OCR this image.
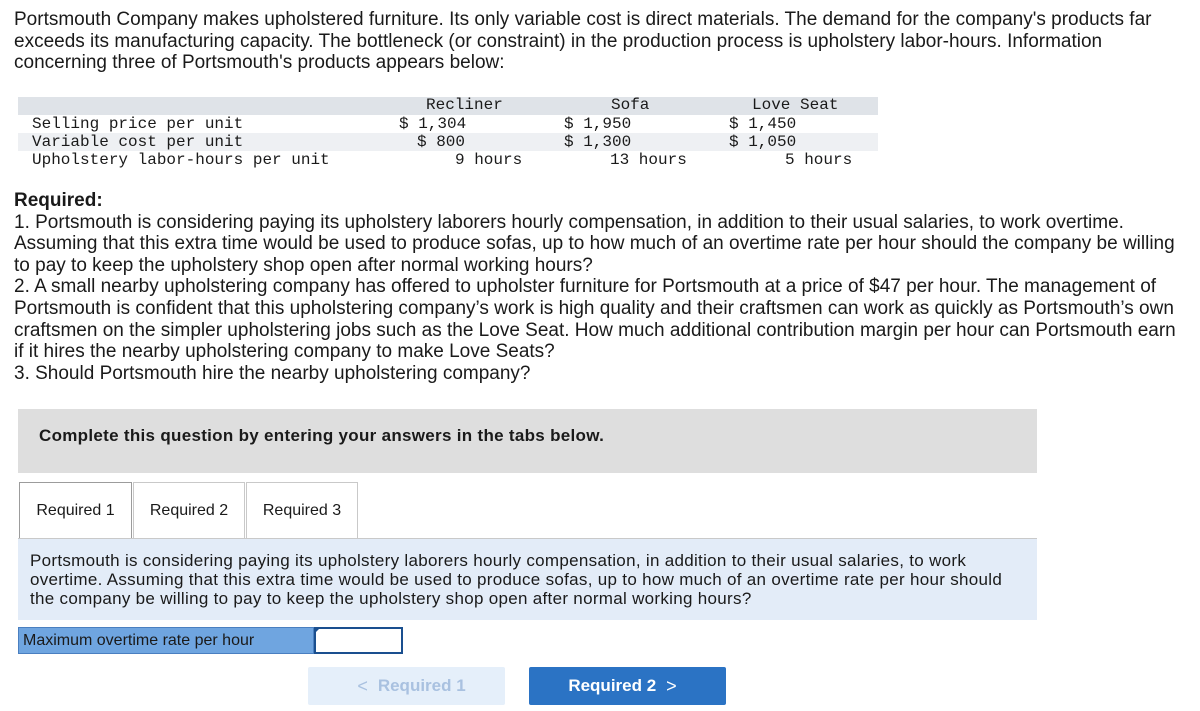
Portsmouth Company makes upholstered furniture. Its only variable cost is direct materials. The demand for the company's products far exceeds its manufacturing capacity. The bottleneck (or constraint) in the production process is upholstery labor-hours. Information concerning three of Portsmouth's products appears below:

Recliner	Sofa	Love Seat
Selling price per unit	$ 1,304	$ 1,950	$ 1,450
Variable cost per unit	$ 800	$ 1,300	$ 1,050
Upholstery labor-hours per unit	9 hours	13 hours	5 hours
Required:

1. Portsmouth is considering paying its upholstery laborers hourly compensation, in addition to their usual salaries, to work overtime. Assuming that this extra time would be used to produce sofas, up to how much of an overtime rate per hour should the company be willing to pay to keep the upholstery shop open after normal working hours?

2. A small nearby upholstering company has offered to upholster furniture for Portsmouth at a price of $47 per hour. The management of Portsmouth is confident that this upholstering company’s work is high quality and their craftsmen can work as quickly as Portsmouth’s own craftsmen on the simpler upholstering jobs such as the Love Seat. How much additional contribution margin per hour can Portsmouth earn if it hires the nearby upholstering company to make Love Seats?

3. Should Portsmouth hire the nearby upholstering company?

Complete this question by entering your answers in the tabs below.
Required 1	Required 2	Required 3

Portsmouth is considering paying its upholstery laborers hourly compensation, in addition to their usual salaries, to work overtime. Assuming that this extra time would be used to produce sofas, up to how much of an overtime rate per hour should the company be willing to pay to keep the upholstery shop open after normal working hours?

Maximum overtime rate per hour
< Required 1	Required 2 >
